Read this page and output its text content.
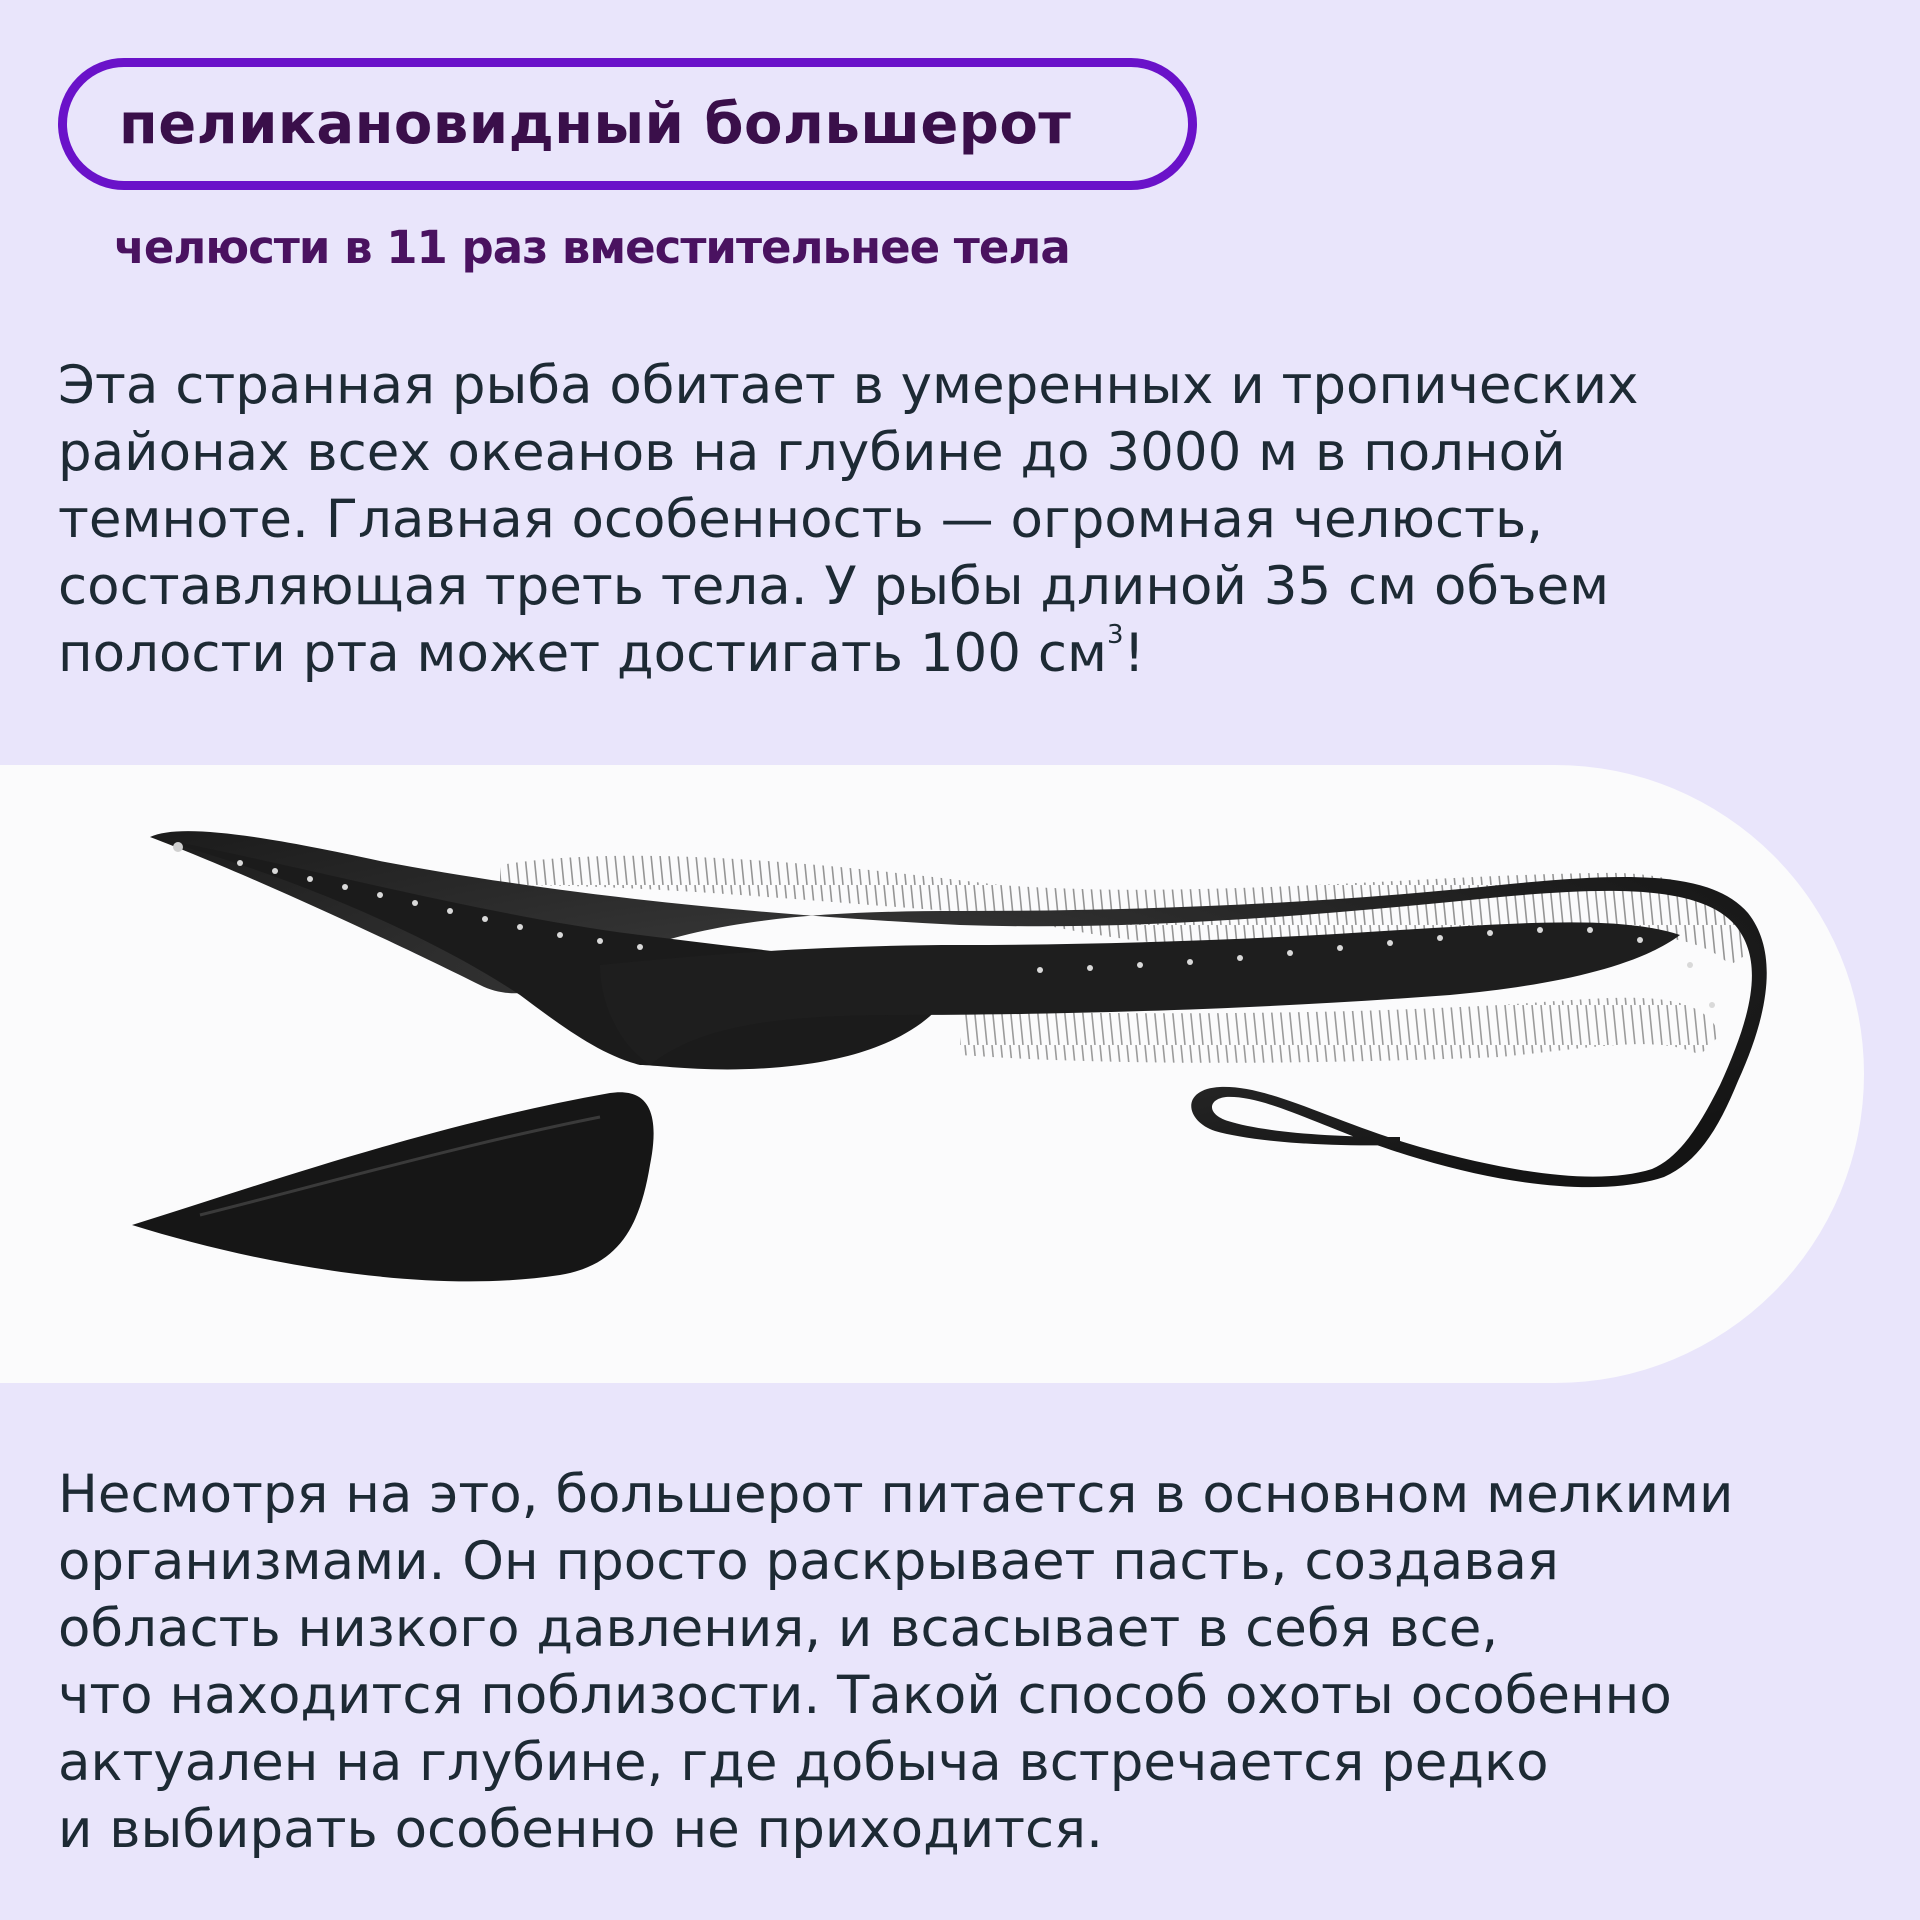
пеликановидный большерот
челюсти в 11 раз вместительнее тела

Эта странная рыба обитает в умеренных и тропических
районах всех океанов на глубине до 3000 м в полной
темноте. Главная особенность — огромная челюсть,
составляющая треть тела. У рыбы длиной 35 см объем
полости рта может достигать 100 $см^3$!

Несмотря на это, большерот питается в основном мелкими
организмами. Он просто раскрывает пасть, создавая
область низкого давления, и всасывает в себя все,
что находится поблизости. Такой способ охоты особенно
актуален на глубине, где добыча встречается редко
и выбирать особенно не приходится.
